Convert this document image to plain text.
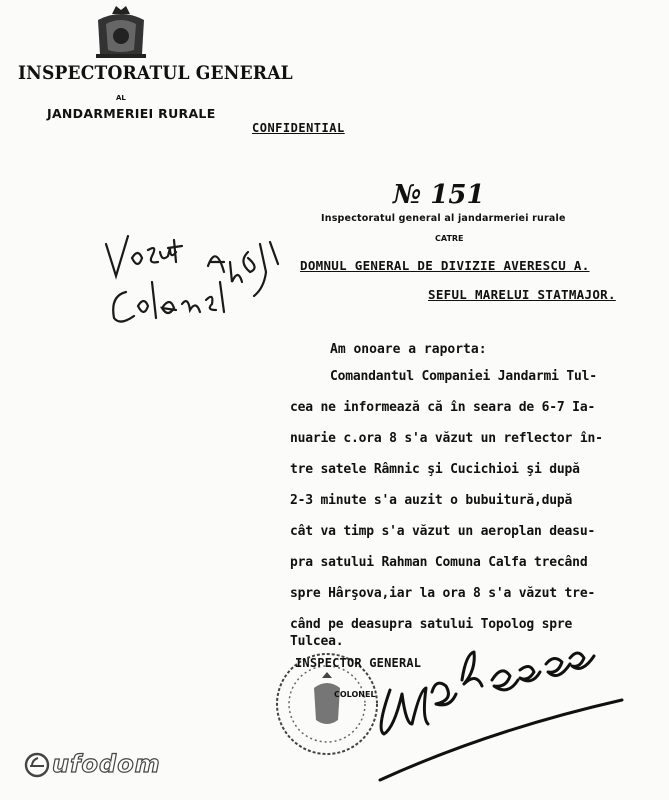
INSPECTORATUL GENERAL
AL
JANDARMERIEI RURALE
CONFIDENTIAL
№ 151
Inspectoratul general al jandarmeriei rurale
CATRE
DOMNUL GENERAL DE DIVIZIE AVERESCU A.
SEFUL MARELUI STATMAJOR.
Am onoare a raporta:
Comandantul Companiei Jandarmi Tul-
cea ne informează că în seara de 6-7 Ia-
nuarie c.ora 8 s'a văzut un reflector în-
tre satele Râmnic şi Cucichioi şi după
2-3 minute s'a auzit o bubuitură,după
cât va timp s'a văzut un aeroplan deasu-
pra satului Rahman Comuna Calfa trecând
spre Hârşova,iar la ora 8 s'a văzut tre-
când pe deasupra satului Topolog spre
Tulcea.
INSPECTOR GENERAL
COLONEL
ufodom
